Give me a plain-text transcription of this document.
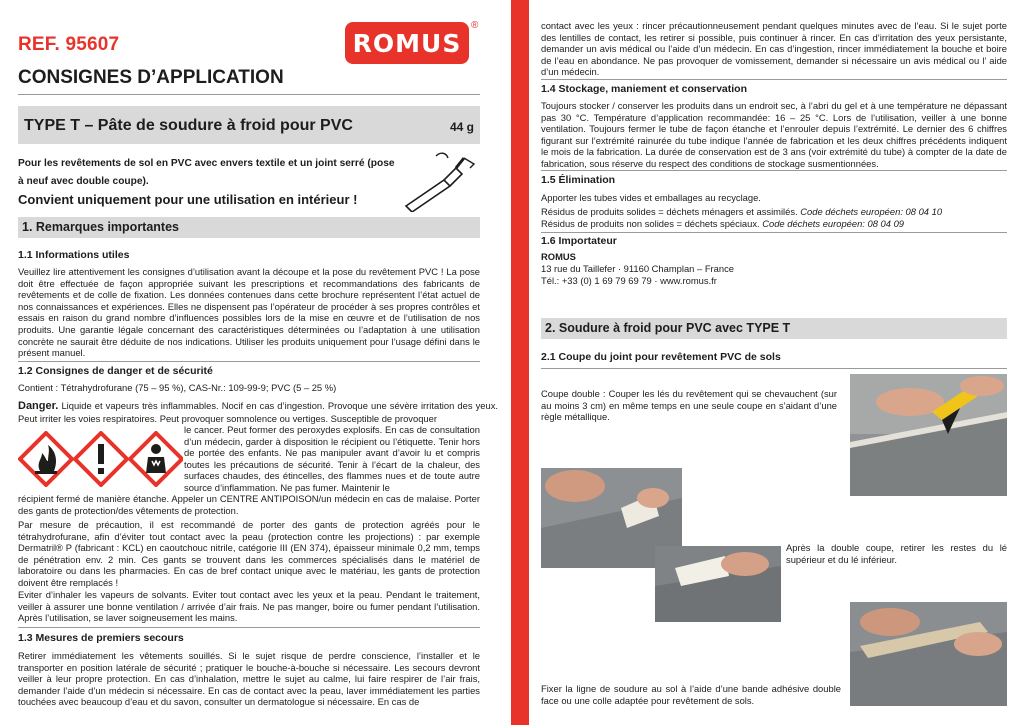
REF. 95607	ROMUS
®
CONSIGNES D’APPLICATION
TYPE T – Pâte de soudure à froid pour PVC	44 g
Pour les revêtements de sol en PVC avec envers textile et un joint serré (pose à neuf avec double coupe).
Convient uniquement pour une utilisation en intérieur !
1. Remarques importantes
1.1 Informations utiles
Veuillez lire attentivement les consignes d’utilisation avant la découpe et la pose du revêtement PVC ! La pose doit être effectuée de façon appropriée suivant les prescriptions et recommandations des fabricants de revêtements et de colle de fixation. Les données contenues dans cette brochure représentent l’état actuel de nos connaissances et expériences. Elles ne dispensent pas l’opérateur de procéder à ses propres contrôles et essais en raison du grand nombre d’influences possibles lors de la mise en œuvre et de l’utilisation de nos produits. Une garantie légale concernant des caractéristiques déterminées ou l’adaptation à une utilisation concrète ne saurait être déduite de nos indications. Utiliser les produits uniquement pour l’usage défini dans le présent manuel.
1.2 Consignes de danger et de sécurité
Contient : Tétrahydrofurane (75 – 95 %), CAS-Nr.: 109-99-9; PVC (5 – 25 %)
Danger. Liquide et vapeurs très inflammables. Nocif en cas d’ingestion. Provoque une sévère irritation des yeux. Peut irriter les voies respiratoires. Peut provoquer somnolence ou vertiges. Susceptible de provoquer
le cancer. Peut former des peroxydes explosifs. En cas de consultation d’un médecin, garder à disposition le récipient ou l’étiquette. Tenir hors de portée des enfants. Ne pas manipuler avant d’avoir lu et compris toutes les précautions de sécurité. Tenir à l’écart de la chaleur, des surfaces chaudes, des étincelles, des flammes nues et de toute autre source d’inflammation. Ne pas fumer. Maintenir le
récipient fermé de manière étanche. Appeler un CENTRE ANTIPOISON/un médecin en cas de malaise. Porter des gants de protection/des vêtements de protection.
Par mesure de précaution, il est recommandé de porter des gants de protection agréés pour le tétrahydrofurane, afin d’éviter tout contact avec la peau (protection contre les projections) : par exemple Dermatril® P (fabricant : KCL) en caoutchouc nitrile, catégorie III (EN 374), épaisseur minimale 0,2 mm, temps de pénétration env. 2 min. Ces gants se trouvent dans les commerces spécialisés dans le matériel de laboratoire ou dans les pharmacies. En cas de bref contact unique avec le matériau, les gants de protection doivent être remplacés !
Eviter d’inhaler les vapeurs de solvants. Eviter tout contact avec les yeux et la peau. Pendant le traitement, veiller à assurer une bonne ventilation / arrivée d’air frais. Ne pas manger, boire ou fumer pendant l’utilisation. Après l’utilisation, se laver soigneusement les mains.
1.3 Mesures de premiers secours
Retirer immédiatement les vêtements souillés. Si le sujet risque de perdre conscience, l’installer et le transporter en position latérale de sécurité ; pratiquer le bouche-à-bouche si nécessaire. Les secours devront veiller à leur propre protection. En cas d’inhalation, mettre le sujet au calme, lui faire respirer de l’air frais, demander l’aide d’un médecin si nécessaire. En cas de contact avec la peau, laver immédiatement les parties touchées avec beaucoup d’eau et du savon, consulter un dermatologue si nécessaire. En cas de
contact avec les yeux : rincer précautionneusement pendant quelques minutes avec de l’eau. Si le sujet porte des lentilles de contact, les retirer si possible, puis continuer à rincer. En cas d’irritation des yeux persistante, demander un avis médical ou l’aide d’un médecin. En cas d’ingestion, rincer immédiatement la bouche et boire de l’eau en abondance. Ne pas provoquer de vomissement, demander si nécessaire un avis médical ou l’ aide d’un médecin.
1.4 Stockage, maniement et conservation
Toujours stocker / conserver les produits dans un endroit sec, à l’abri du gel et à une température ne dépassant pas 30 °C. Température d’application recommandée: 16 – 25 °C. Lors de l’utilisation, veiller à une bonne ventilation. Toujours fermer le tube de façon étanche et l’enrouler depuis l’extrémité. Le dernier des 6 chiffres figurant sur l’extrémité rainurée du tube indique l’année de fabrication et les deux chiffres précédents indiquent le mois de la fabrication. La durée de conservation est de 3 ans (voir extrémité du tube) à compter de la date de fabrication, sous réserve du respect des conditions de stockage susmentionnées.
1.5 Élimination
Apporter les tubes vides et emballages au recyclage.
Résidus de produits solides = déchets ménagers et assimilés. Code déchets européen: 08 04 10
Résidus de produits non solides = déchets spéciaux. Code déchets européen: 08 04 09
1.6 Importateur
ROMUS
13 rue du Taillefer · 91160 Champlan – France
Tél.: +33 (0) 1 69 79 69 79 · www.romus.fr
2. Soudure à froid pour PVC avec TYPE T
2.1 Coupe du joint pour revêtement PVC de sols
Coupe double : Couper les lés du revêtement qui se chevauchent (sur au moins 3 cm) en même temps en une seule coupe en s’aidant d’une règle métallique.
Après la double coupe, retirer les restes du lé supérieur et du lé inférieur.
Fixer la ligne de soudure au sol à l’aide d’une bande adhésive double face ou une colle adaptée pour revêtement de sols.
